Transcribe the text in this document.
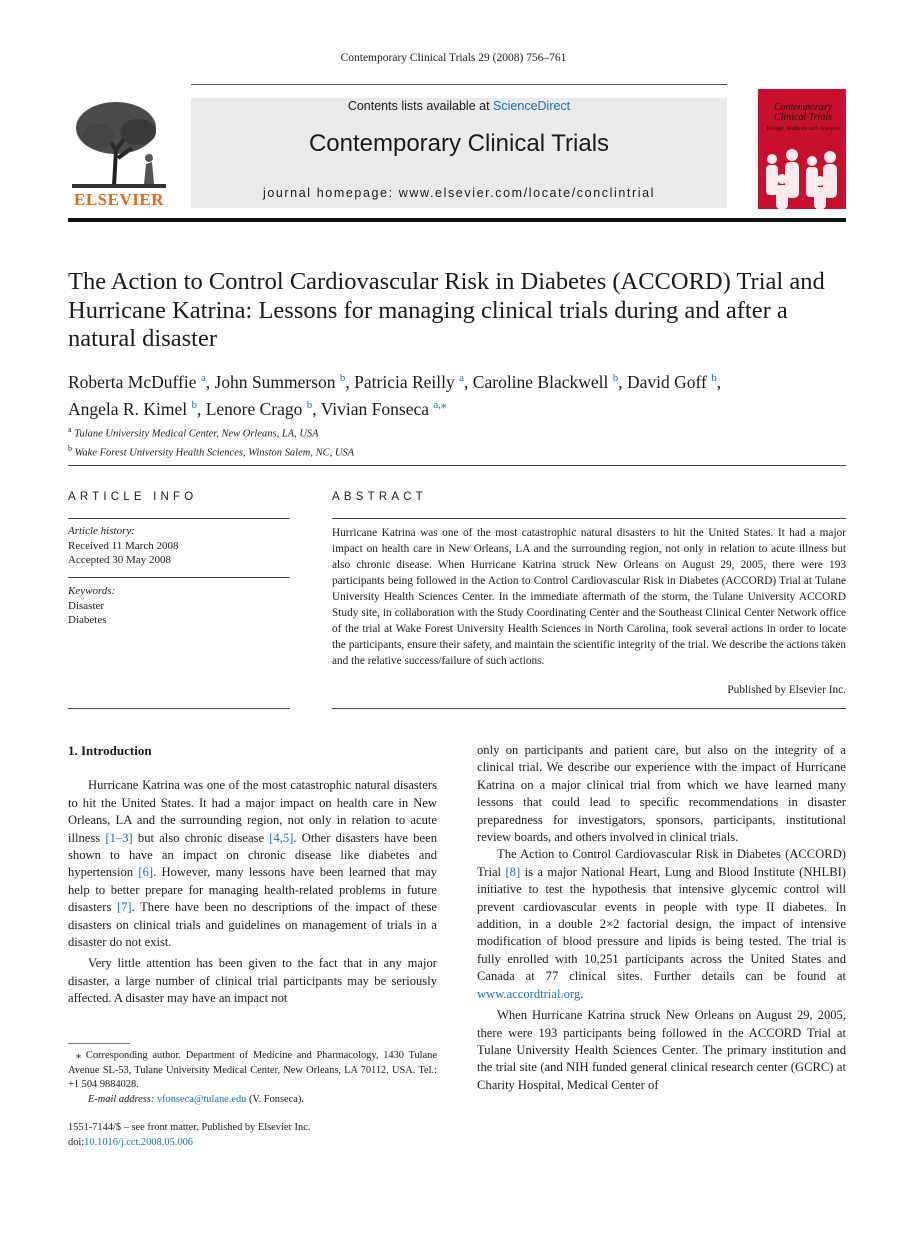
Contemporary Clinical Trials 29 (2008) 756–761
ELSEVIER
Contents lists available at ScienceDirect
Contemporary Clinical Trials
journal homepage: www.elsevier.com/locate/conclintrial
Contemporary Clinical Trials
Design, Methods and Analysis
The Action to Control Cardiovascular Risk in Diabetes (ACCORD) Trial and Hurricane Katrina: Lessons for managing clinical trials during and after a natural disaster
Roberta McDuffie $^a$, John Summerson $^b$, Patricia Reilly $^a$, Caroline Blackwell $^b$, David Goff $^b$,
Angela R. Kimel $^b$, Lenore Crago $^b$, Vivian Fonseca $^{a,⁎}$
$^a$ Tulane University Medical Center, New Orleans, LA, USA
$^b$ Wake Forest University Health Sciences, Winston Salem, NC, USA
ARTICLE INFO
Article history:
Received 11 March 2008
Accepted 30 May 2008
Keywords:
Disaster
Diabetes
ABSTRACT
Hurricane Katrina was one of the most catastrophic natural disasters to hit the United States. It had a major impact on health care in New Orleans, LA and the surrounding region, not only in relation to acute illness but also chronic disease. When Hurricane Katrina struck New Orleans on August 29, 2005, there were 193 participants being followed in the Action to Control Cardiovascular Risk in Diabetes (ACCORD) Trial at Tulane University Health Sciences Center. In the immediate aftermath of the storm, the Tulane University ACCORD Study site, in collaboration with the Study Coordinating Center and the Southeast Clinical Center Network office of the trial at Wake Forest University Health Sciences in North Carolina, took several actions in order to locate the participants, ensure their safety, and maintain the scientific integrity of the trial. We describe the actions taken and the relative success/failure of such actions.
Published by Elsevier Inc.
1. Introduction

Hurricane Katrina was one of the most catastrophic natural disasters to hit the United States. It had a major impact on health care in New Orleans, LA and the surrounding region, not only in relation to acute illness [1–3] but also chronic disease [4,5]. Other disasters have been shown to have an impact on chronic disease like diabetes and hypertension [6]. However, many lessons have been learned that may help to better prepare for managing health-related problems in future disasters [7]. There have been no descriptions of the impact of these disasters on clinical trials and guidelines on management of trials in a disaster do not exist.

Very little attention has been given to the fact that in any major disaster, a large number of clinical trial participants may be seriously affected. A disaster may have an impact not

⁎ Corresponding author. Department of Medicine and Pharmacology, 1430 Tulane Avenue SL-53, Tulane University Medical Center, New Orleans, LA 70112, USA. Tel.: +1 504 9884028.

E-mail address: vfonseca@tulane.edu (V. Fonseca).

1551-7144/$ – see front matter. Published by Elsevier Inc.

doi:10.1016/j.cct.2008.05.006

only on participants and patient care, but also on the integrity of a clinical trial. We describe our experience with the impact of Hurricane Katrina on a major clinical trial from which we have learned many lessons that could lead to specific recommendations in disaster preparedness for investigators, sponsors, participants, institutional review boards, and others involved in clinical trials.

The Action to Control Cardiovascular Risk in Diabetes (ACCORD) Trial [8] is a major National Heart, Lung and Blood Institute (NHLBI) initiative to test the hypothesis that intensive glycemic control will prevent cardiovascular events in people with type II diabetes. In addition, in a double 2×2 factorial design, the impact of intensive modification of blood pressure and lipids is being tested. The trial is fully enrolled with 10,251 participants across the United States and Canada at 77 clinical sites. Further details can be found at www.accordtrial.org.

When Hurricane Katrina struck New Orleans on August 29, 2005, there were 193 participants being followed in the ACCORD Trial at Tulane University Health Sciences Center. The primary institution and the trial site (and NIH funded general clinical research center (GCRC) at Charity Hospital, Medical Center of
